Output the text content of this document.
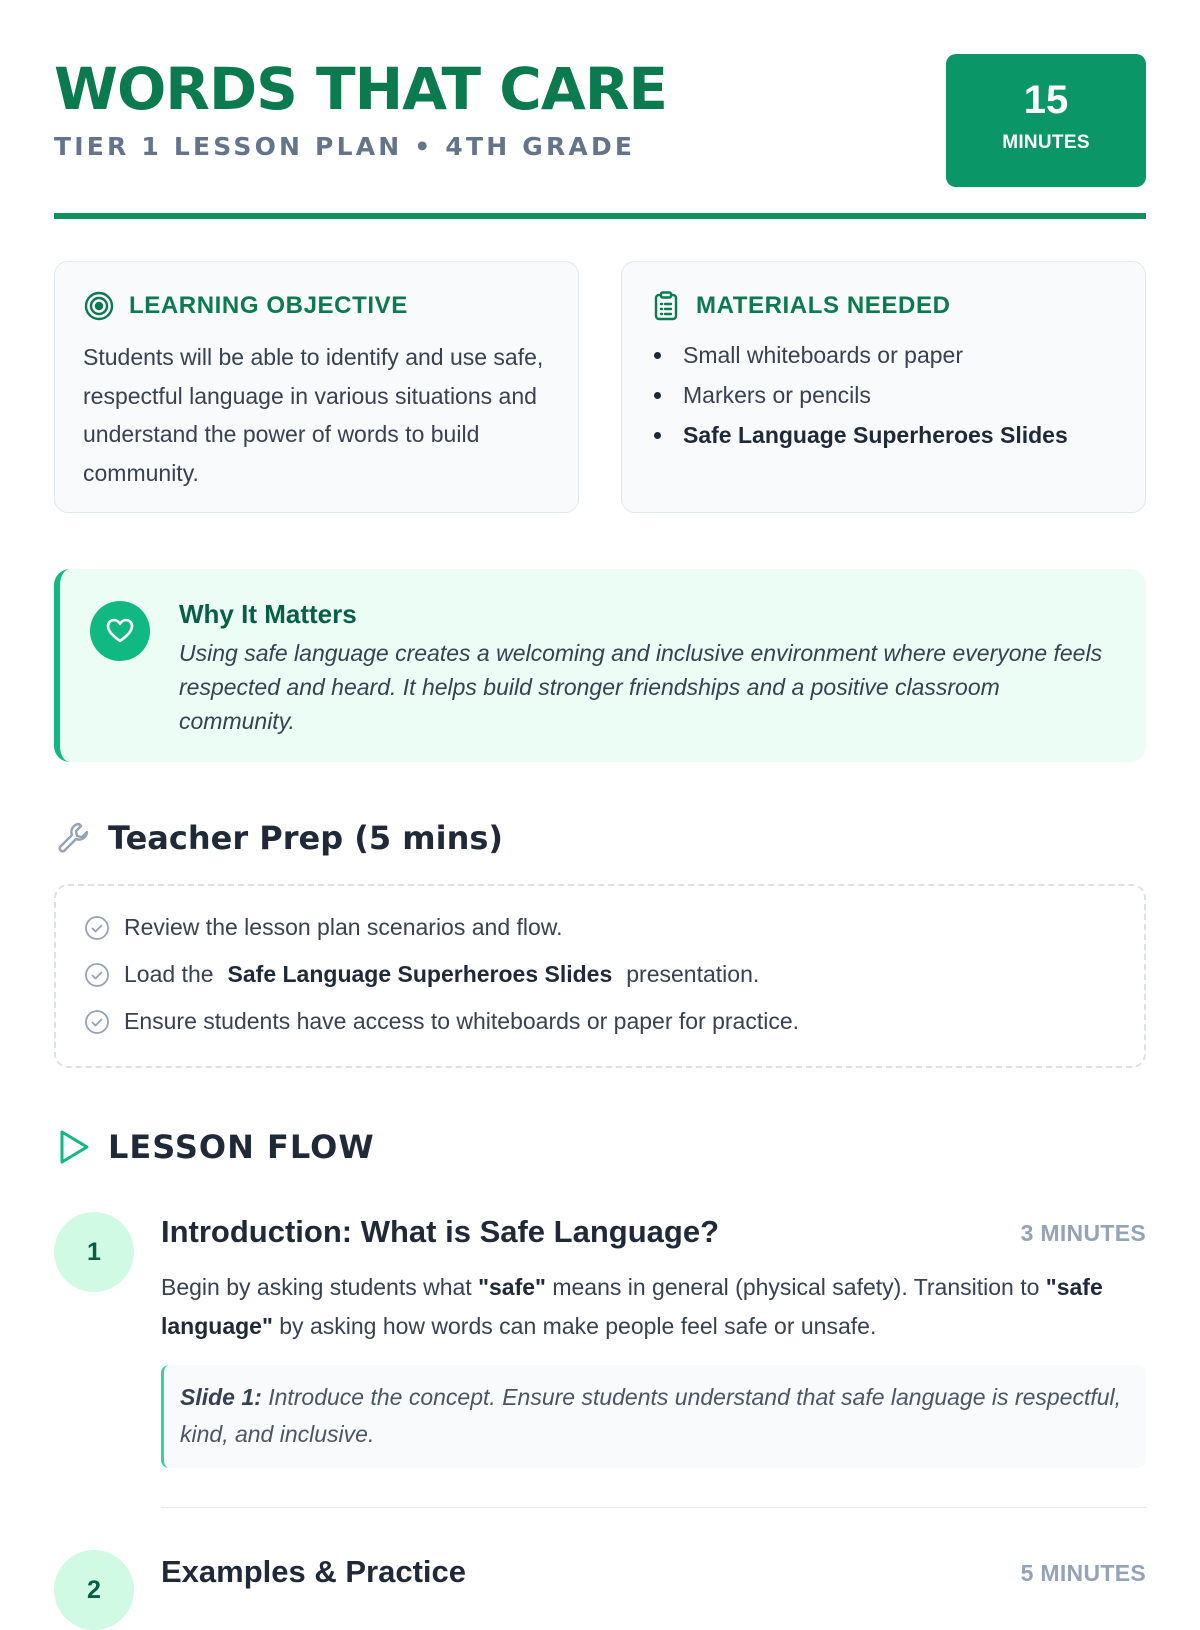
WORDS THAT CARE
TIER 1 LESSON PLAN • 4TH GRADE
15
MINUTES
LEARNING OBJECTIVE
Students will be able to identify and use safe, respectful language in various situations and understand the power of words to build community.
MATERIALS NEEDED
Small whiteboards or paper
Markers or pencils
Safe Language Superheroes Slides
Why It Matters
Using safe language creates a welcoming and inclusive environment where everyone feels respected and heard. It helps build stronger friendships and a positive classroom community.
Teacher Prep (5 mins)
Review the lesson plan scenarios and flow.
Load the Safe Language Superheroes Slides presentation.
Ensure students have access to whiteboards or paper for practice.
LESSON FLOW
1
Introduction: What is Safe Language?	3 MINUTES
Begin by asking students what "safe" means in general (physical safety). Transition to "safe language" by asking how words can make people feel safe or unsafe.
Slide 1: Introduce the concept. Ensure students understand that safe language is respectful, kind, and inclusive.
2
Examples & Practice	5 MINUTES
